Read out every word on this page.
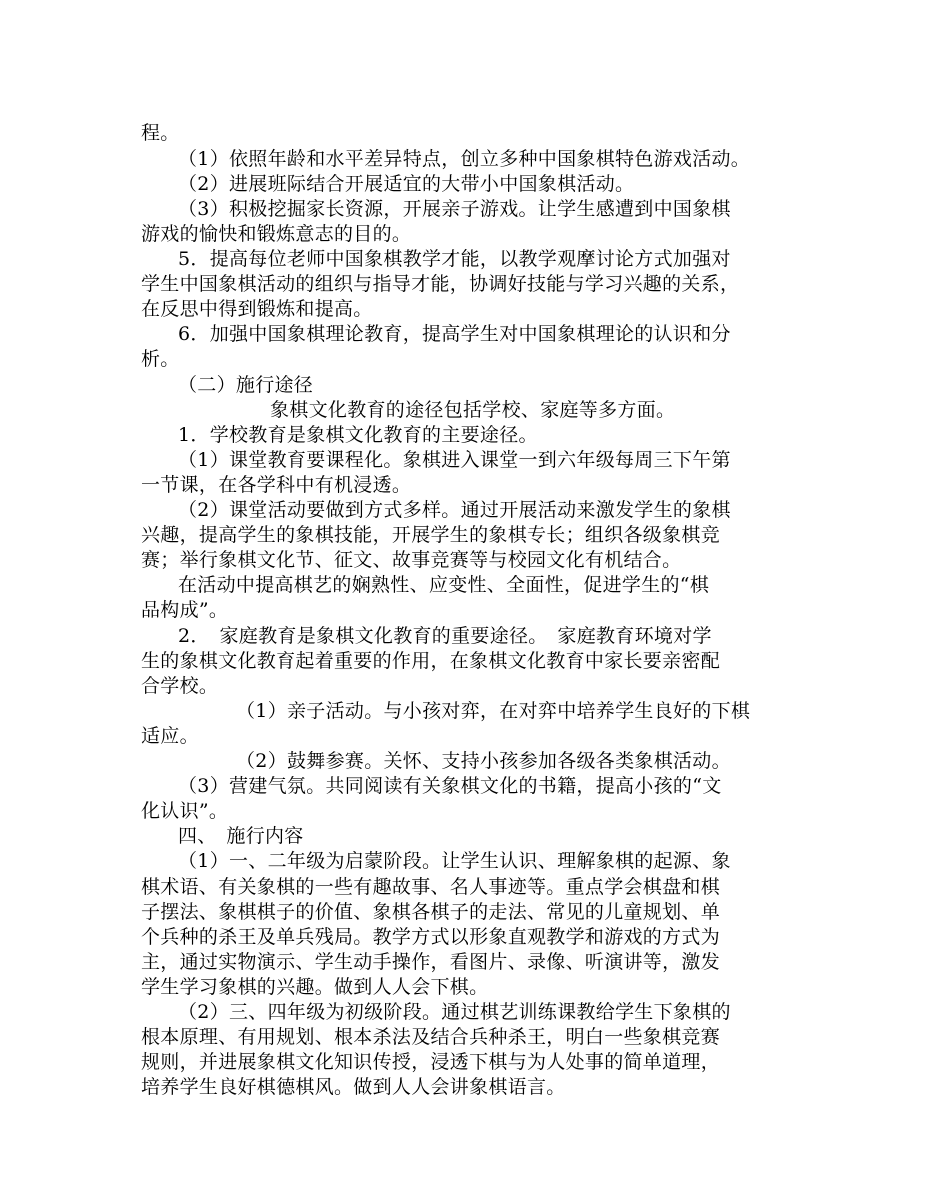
程。
（1）依照年龄和水平差异特点，创立多种中国象棋特色游戏活动。
（2）进展班际结合开展适宜的大带小中国象棋活动。
（3）积极挖掘家长资源，开展亲子游戏。让学生感遭到中国象棋
游戏的愉快和锻炼意志的目的。
5．提高每位老师中国象棋教学才能，以教学观摩讨论方式加强对
学生中国象棋活动的组织与指导才能，协调好技能与学习兴趣的关系，
在反思中得到锻炼和提高。
6．加强中国象棋理论教育，提高学生对中国象棋理论的认识和分
析。
（二）施行途径
象棋文化教育的途径包括学校、家庭等多方面。
1．学校教育是象棋文化教育的主要途径。
（1）课堂教育要课程化。象棋进入课堂一到六年级每周三下午第
一节课，在各学科中有机浸透。
（2）课堂活动要做到方式多样。通过开展活动来激发学生的象棋
兴趣，提高学生的象棋技能，开展学生的象棋专长；组织各级象棋竞
赛；举行象棋文化节、征文、故事竞赛等与校园文化有机结合。
在活动中提高棋艺的娴熟性、应变性、全面性，促进学生的“棋
品构成”。
2．　家庭教育是象棋文化教育的重要途径。　家庭教育环境对学
生的象棋文化教育起着重要的作用，在象棋文化教育中家长要亲密配
合学校。
（1）亲子活动。与小孩对弈，在对弈中培养学生良好的下棋
适应。
（2）鼓舞参赛。关怀、支持小孩参加各级各类象棋活动。
（3）营建气氛。共同阅读有关象棋文化的书籍，提高小孩的“文
化认识”。
四、　施行内容
（1）一、二年级为启蒙阶段。让学生认识、理解象棋的起源、象
棋术语、有关象棋的一些有趣故事、名人事迹等。重点学会棋盘和棋
子摆法、象棋棋子的价值、象棋各棋子的走法、常见的儿童规划、单
个兵种的杀王及单兵残局。教学方式以形象直观教学和游戏的方式为
主，通过实物演示、学生动手操作，看图片、录像、听演讲等，激发
学生学习象棋的兴趣。做到人人会下棋。
（2）三、四年级为初级阶段。通过棋艺训练课教给学生下象棋的
根本原理、有用规划、根本杀法及结合兵种杀王，明白一些象棋竞赛
规则，并进展象棋文化知识传授，浸透下棋与为人处事的简单道理，
培养学生良好棋德棋风。做到人人会讲象棋语言。
